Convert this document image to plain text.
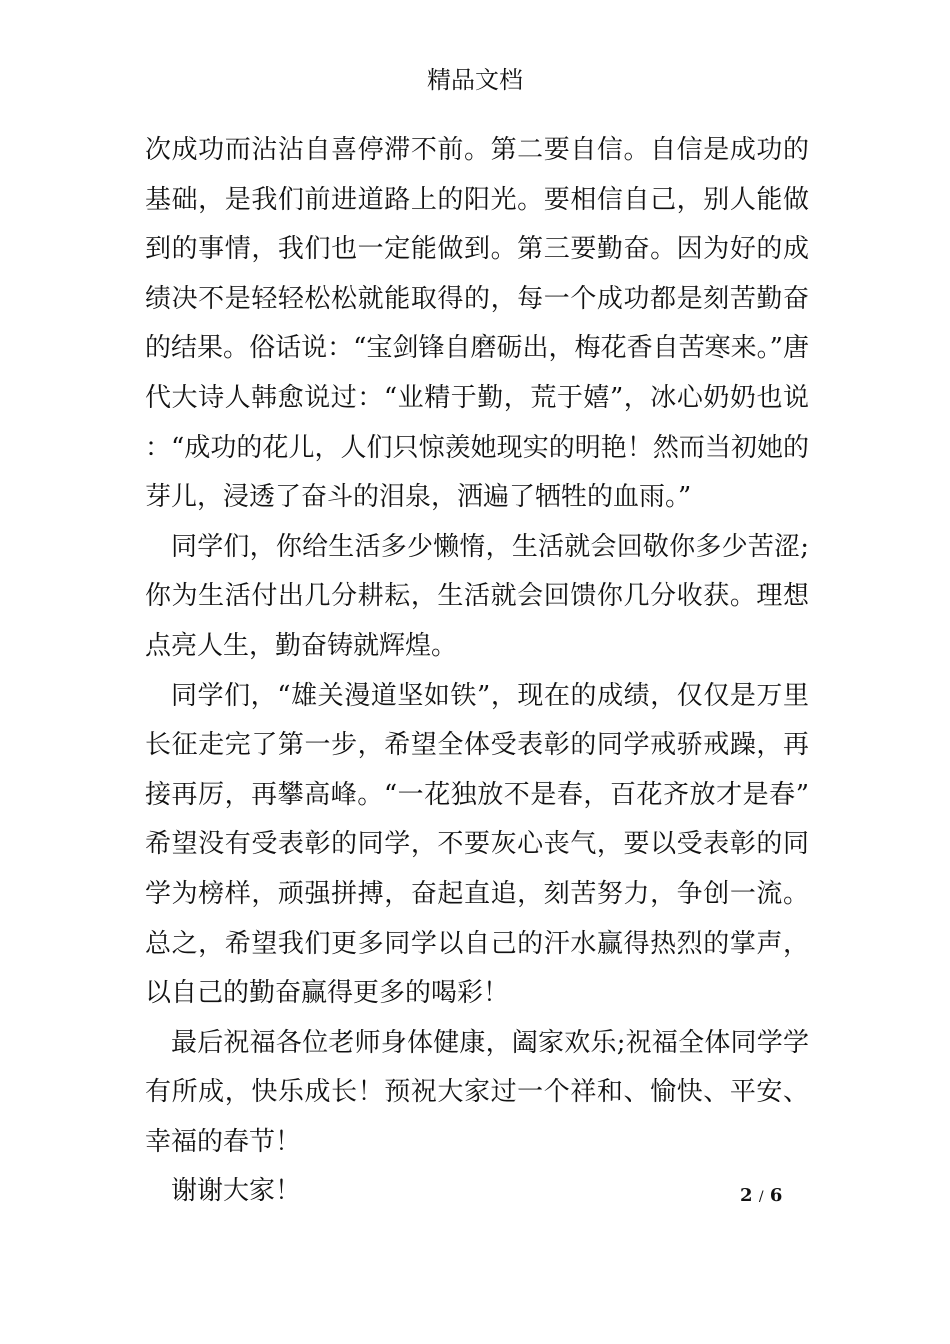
精品文档

次成功而沾沾自喜停滞不前。第二要自信。自信是成功的基础，是我们前进道路上的阳光。要相信自己，别人能做到的事情，我们也一定能做到。第三要勤奋。因为好的成绩决不是轻轻松松就能取得的，每一个成功都是刻苦勤奋的结果。俗话说：“宝剑锋自磨砺出，梅花香自苦寒来。”唐代大诗人韩愈说过：“业精于勤，荒于嬉”，冰心奶奶也说：“成功的花儿，人们只惊羡她现实的明艳！然而当初她的芽儿，浸透了奋斗的泪泉，洒遍了牺牲的血雨。”

同学们，你给生活多少懒惰，生活就会回敬你多少苦涩;你为生活付出几分耕耘，生活就会回馈你几分收获。理想点亮人生，勤奋铸就辉煌。

同学们，“雄关漫道坚如铁”，现在的成绩，仅仅是万里长征走完了第一步，希望全体受表彰的同学戒骄戒躁，再接再厉，再攀高峰。“一花独放不是春，百花齐放才是春”希望没有受表彰的同学，不要灰心丧气，要以受表彰的同学为榜样，顽强拼搏，奋起直追，刻苦努力，争创一流。总之，希望我们更多同学以自己的汗水赢得热烈的掌声，以自己的勤奋赢得更多的喝彩！

最后祝福各位老师身体健康，阖家欢乐;祝福全体同学学有所成，快乐成长！预祝大家过一个祥和、愉快、平安、幸福的春节！

谢谢大家！	2 / 6
